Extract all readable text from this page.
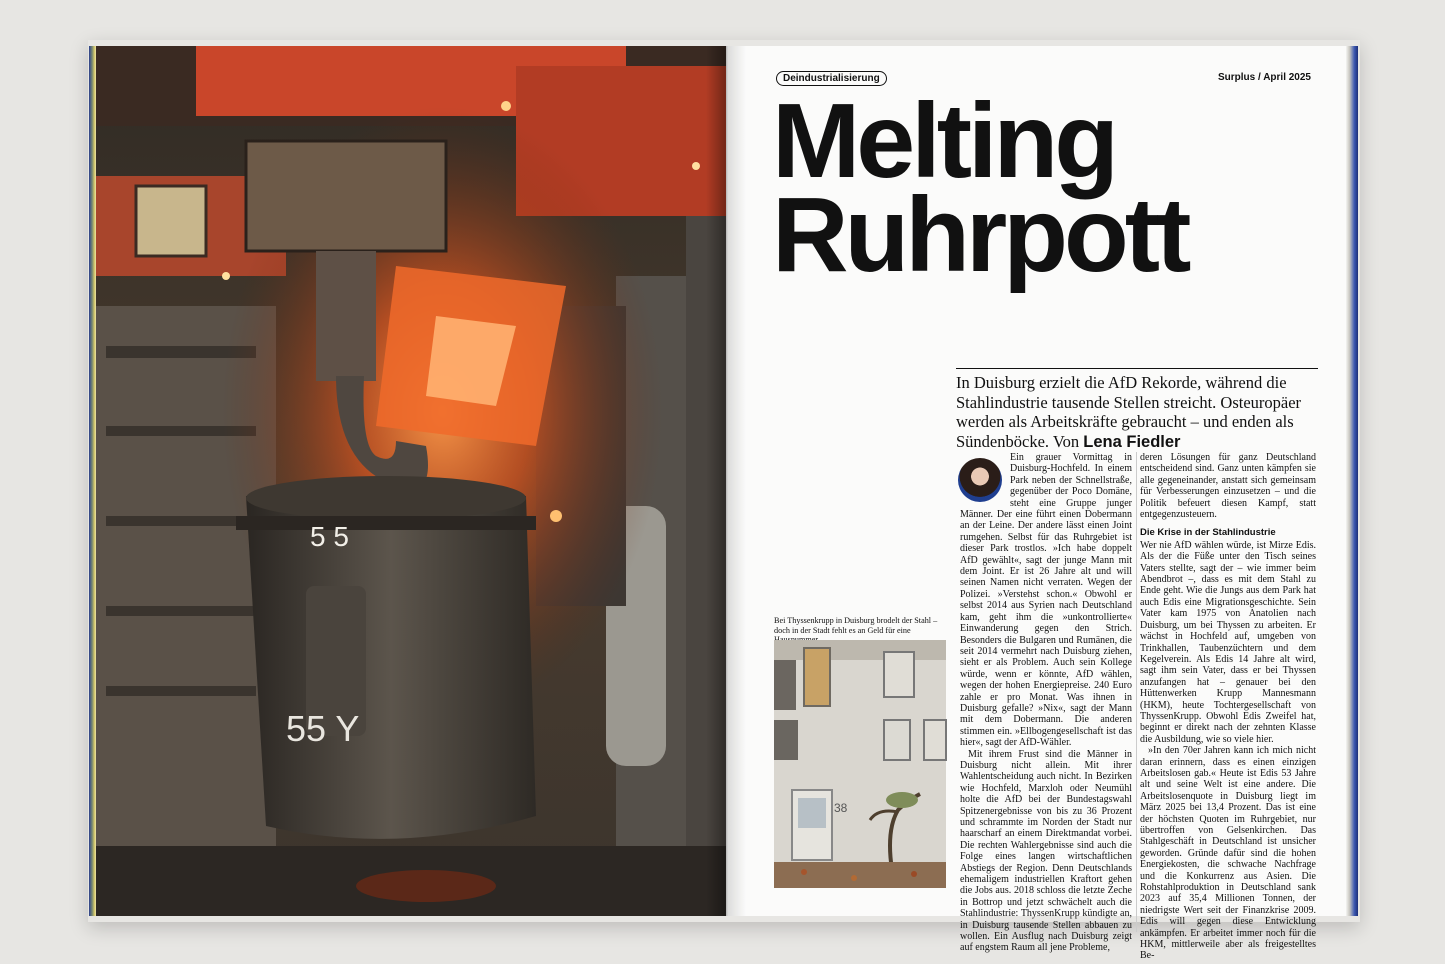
5 5
55 Y
Deindustrialisierung	Surplus / April 2025
Melting
Ruhrpott
In Duisburg erzielt die AfD Rekorde, während die Stahlindustrie tausende Stellen streicht. Osteuropäer werden als Arbeitskräfte gebraucht – und enden als Sündenböcke. Von Lena Fiedler
Bei Thyssenkrupp in Duisburg brodelt der Stahl – doch in der Stadt fehlt es an Geld für eine
38

Ein grauer Vormittag in Duisburg-Hochfeld. In einem Park neben der Schnellstraße, gegenüber der Poco Domäne, steht eine Gruppe junger Männer. Der eine führt einen Dobermann an der Leine. Der andere lässt einen Joint rumgehen. Selbst für das Ruhrgebiet ist dieser Park trostlos. »Ich habe doppelt AfD gewählt«, sagt der junge Mann mit dem Joint. Er ist 26 Jahre alt und will seinen Namen nicht verraten. Wegen der Polizei. »Verstehst schon.« Obwohl er selbst 2014 aus Syrien nach Deutschland kam, geht ihm die »unkontrollierte« Einwanderung gegen den Strich. Besonders die Bulgaren und Rumänen, die seit 2014 vermehrt nach Duisburg ziehen, sieht er als Problem. Auch sein Kollege würde, wenn er könnte, AfD wählen, wegen der hohen Energiepreise. 240 Euro zahle er pro Monat. Was ihnen in Duisburg gefalle? »Nix«, sagt der Mann mit dem Dobermann. Die anderen stimmen ein. »Ellbogengesellschaft ist das hier«, sagt der AfD-Wähler.

Mit ihrem Frust sind die Männer in Duisburg nicht allein. Mit ihrer Wahlentscheidung auch nicht. In Bezirken wie Hochfeld, Marxloh oder Neumühl holte die AfD bei der Bundestagswahl Spitzenergebnisse von bis zu 36 Prozent und schrammte im Norden der Stadt nur haarscharf an einem Direktmandat vorbei. Die rechten Wahlergebnisse sind auch die Folge eines langen wirtschaftlichen Abstiegs der Region. Denn Deutschlands ehemaligem industriellen Kraftort gehen die Jobs aus. 2018 schloss die letzte Zeche in Bottrop und jetzt schwächelt auch die Stahlindustrie: ThyssenKrupp kündigte an, in Duisburg tausende Stellen abbauen zu wollen. Ein Ausflug nach Duisburg zeigt auf engstem Raum all jene Probleme,

deren Lösungen für ganz Deutschland entscheidend sind. Ganz unten kämpfen sie alle gegeneinander, anstatt sich gemeinsam für Verbesserungen einzusetzen – und die Politik befeuert diesen Kampf, statt entgegenzusteuern.

Die Krise in der Stahlindustrie

Wer nie AfD wählen würde, ist Mirze Edis. Als der die Füße unter den Tisch seines Vaters stellte, sagt der – wie immer beim Abendbrot –, dass es mit dem Stahl zu Ende geht. Wie die Jungs aus dem Park hat auch Edis eine Migrationsgeschichte. Sein Vater kam 1975 von Anatolien nach Duisburg, um bei Thyssen zu arbeiten. Er wächst in Hochfeld auf, umgeben von Trinkhallen, Taubenzüchtern und dem Kegelverein. Als Edis 14 Jahre alt wird, sagt ihm sein Vater, dass er bei Thyssen anzufangen hat – genauer bei den Hüttenwerken Krupp Mannesmann (HKM), heute Tochtergesellschaft von ThyssenKrupp. Obwohl Edis Zweifel hat, beginnt er direkt nach der zehnten Klasse die Ausbildung, wie so viele hier.

»In den 70er Jahren kann ich mich nicht daran erinnern, dass es einen einzigen Arbeitslosen gab.« Heute ist Edis 53 Jahre alt und seine Welt ist eine andere. Die Arbeitslosenquote in Duisburg liegt im März 2025 bei 13,4 Prozent. Das ist eine der höchsten Quoten im Ruhrgebiet, nur übertroffen von Gelsenkirchen. Das Stahlgeschäft in Deutschland ist unsicher geworden. Gründe dafür sind die hohen Energiekosten, die schwache Nachfrage und die Konkurrenz aus Asien. Die Rohstahlproduktion in Deutschland sank 2023 auf 35,4 Millionen Tonnen, der niedrigste Wert seit der Finanzkrise 2009. Edis will gegen diese Entwicklung ankämpfen. Er arbeitet immer noch für die HKM, mittlerweile aber als freigestelltes Be-
